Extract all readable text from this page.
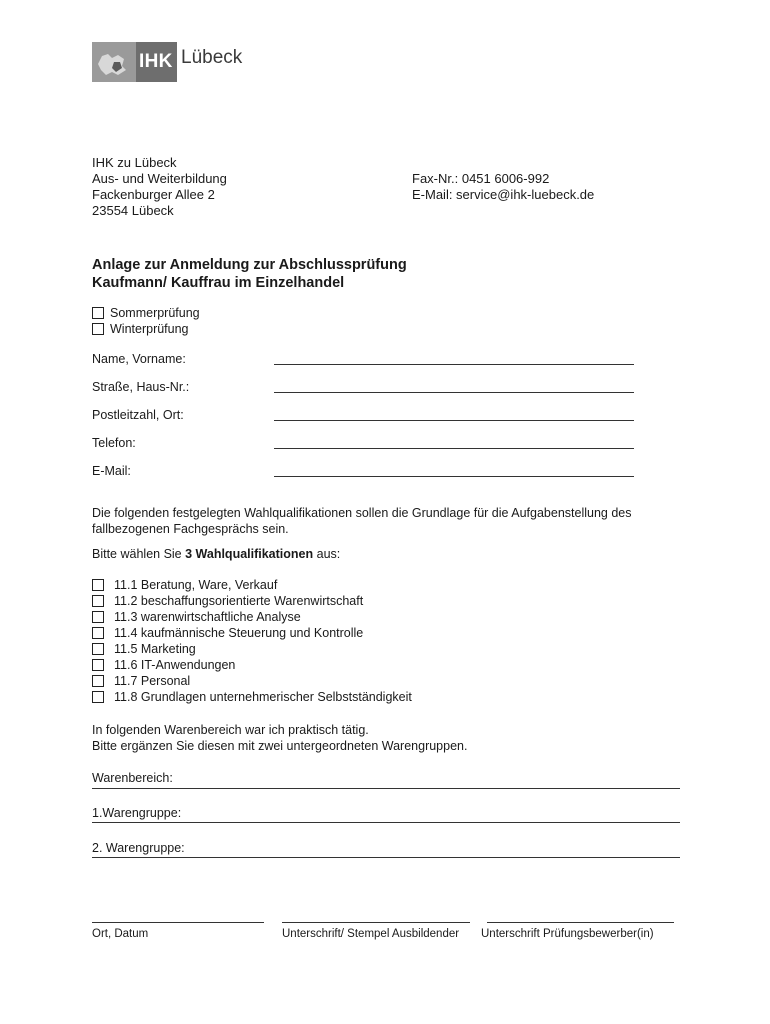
IHK Lübeck
IHK zu Lübeck
Aus- und Weiterbildung
Fackenburger Allee 2
23554 Lübeck
Fax-Nr.: 0451 6006-992
E-Mail: service@ihk-luebeck.de
Anlage zur Anmeldung zur Abschlussprüfung
Kaufmann/ Kauffrau im Einzelhandel
Sommerprüfung
Winterprüfung
Name, Vorname:
Straße, Haus-Nr.:
Postleitzahl, Ort:
Telefon:
E-Mail:
Die folgenden festgelegten Wahlqualifikationen sollen die Grundlage für die Aufgabenstellung des
fallbezogenen Fachgesprächs sein.
Bitte wählen Sie 3 Wahlqualifikationen aus:
11.1 Beratung, Ware, Verkauf
11.2 beschaffungsorientierte Warenwirtschaft
11.3 warenwirtschaftliche Analyse
11.4 kaufmännische Steuerung und Kontrolle
11.5 Marketing
11.6 IT-Anwendungen
11.7 Personal
11.8 Grundlagen unternehmerischer Selbstständigkeit
In folgenden Warenbereich war ich praktisch tätig.
Bitte ergänzen Sie diesen mit zwei untergeordneten Warengruppen.
Warenbereich:
1.Warengruppe:
2. Warengruppe:
Ort, Datum	Unterschrift/ Stempel Ausbildender Unterschrift Prüfungsbewerber(in)
